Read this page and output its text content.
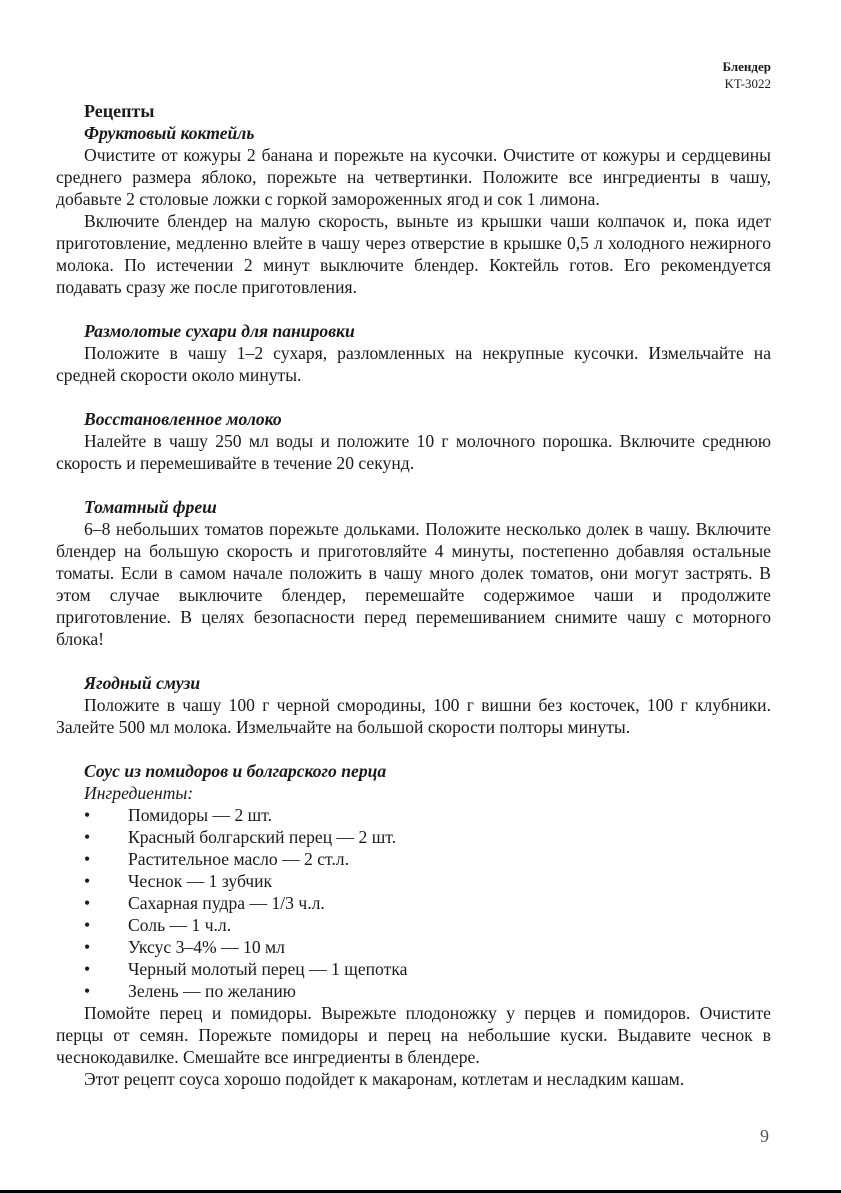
Блендер
KT-3022
Рецепты
Фруктовый коктейль

Очистите от кожуры 2 банана и порежьте на кусочки. Очистите от кожуры и сердцевины среднего размера яблоко, порежьте на четвертинки. Положите все ингредиенты в чашу, добавьте 2 столовые ложки с горкой замороженных ягод и сок 1 лимона.

Включите блендер на малую скорость, выньте из крышки чаши колпачок и, пока идет приготовление, медленно влейте в чашу через отверстие в крышке 0,5 л холодного нежирного молока. По истечении 2 минут выключите блендер. Коктейль готов. Его рекомендуется подавать сразу же после приготовления.

Размолотые сухари для панировки

Положите в чашу 1–2 сухаря, разломленных на некрупные кусочки. Измельчайте на средней скорости около минуты.

Восстановленное молоко

Налейте в чашу 250 мл воды и положите 10 г молочного порошка. Включите среднюю скорость и перемешивайте в течение 20 секунд.

Томатный фреш

6–8 небольших томатов порежьте дольками. Положите несколько долек в чашу. Включите блендер на большую скорость и приготовляйте 4 минуты, постепенно добавляя остальные томаты. Если в самом начале положить в чашу много долек томатов, они могут застрять. В этом случае выключите блендер, перемешайте содержимое чаши и продолжите приготовление. В целях безопасности перед перемешиванием снимите чашу с моторного блока!

Ягодный смузи

Положите в чашу 100 г черной смородины, 100 г вишни без косточек, 100 г клубники. Залейте 500 мл молока. Измельчайте на большой скорости полторы минуты.

Соус из помидоров и болгарского перца
Ингредиенты:
• Помидоры — 2 шт.
• Красный болгарский перец — 2 шт.
• Растительное масло — 2 ст.л.
• Чеснок — 1 зубчик
• Сахарная пудра — 1/3 ч.л.
• Соль — 1 ч.л.
• Уксус 3–4% — 10 мл
• Черный молотый перец — 1 щепотка
• Зелень — по желанию

Помойте перец и помидоры. Вырежьте плодоножку у перцев и помидоров. Очистите перцы от семян. Порежьте помидоры и перец на небольшие куски. Выдавите чеснок в чеснокодавилке. Смешайте все ингредиенты в блендере.

Этот рецепт соуса хорошо подойдет к макаронам, котлетам и несладким кашам.

9
